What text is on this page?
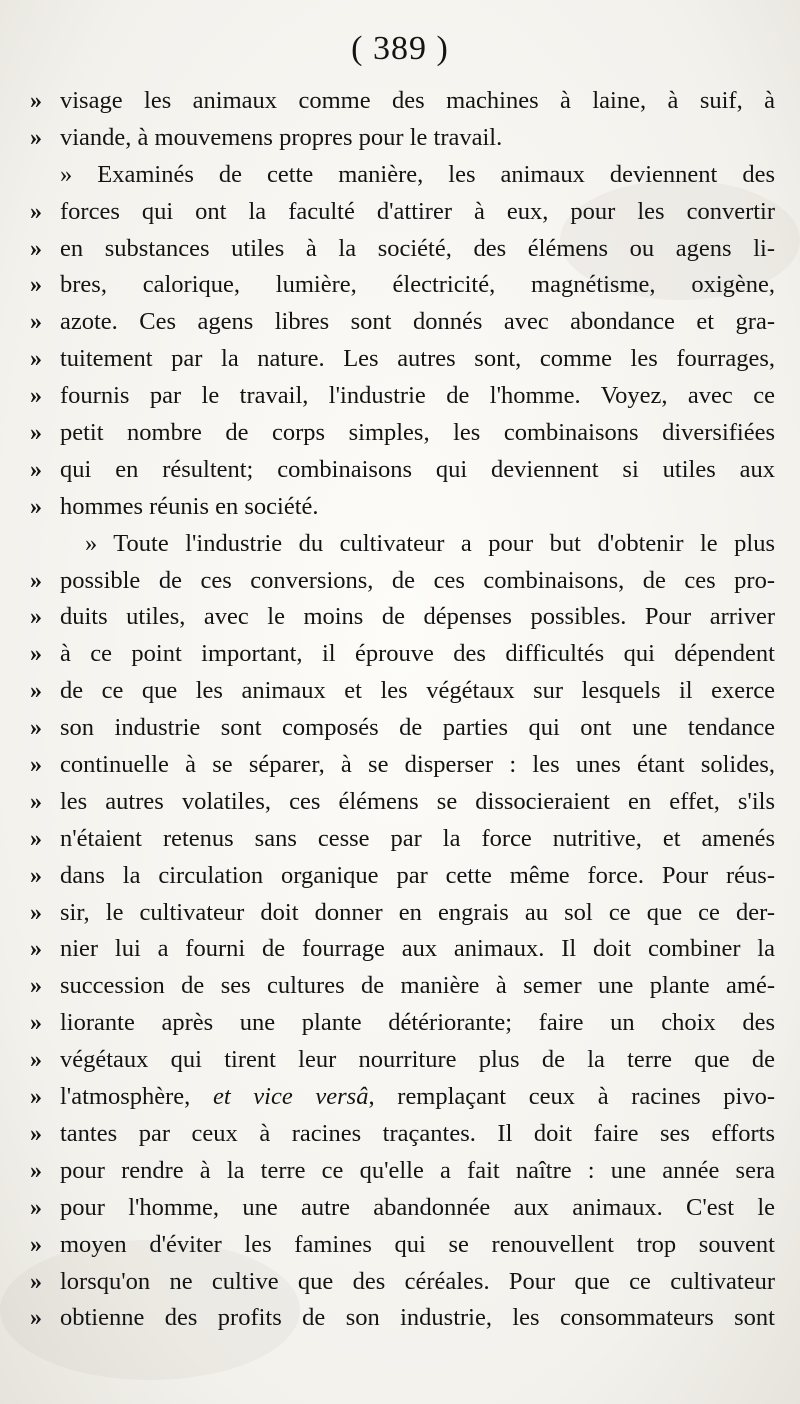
( 389 )
» visage les animaux comme des machines à laine, à suif, à
» viande, à mouvemens propres pour le travail.
» Examinés de cette manière, les animaux deviennent des
» forces qui ont la faculté d'attirer à eux, pour les convertir
» en substances utiles à la société, des élémens ou agens li-
» bres, calorique, lumière, électricité, magnétisme, oxigène,
» azote. Ces agens libres sont donnés avec abondance et gra-
» tuitement par la nature. Les autres sont, comme les fourrages,
» fournis par le travail, l'industrie de l'homme. Voyez, avec ce
» petit nombre de corps simples, les combinaisons diversifiées
» qui en résultent; combinaisons qui deviennent si utiles aux
» hommes réunis en société.
» Toute l'industrie du cultivateur a pour but d'obtenir le plus
» possible de ces conversions, de ces combinaisons, de ces pro-
» duits utiles, avec le moins de dépenses possibles. Pour arriver
» à ce point important, il éprouve des difficultés qui dépendent
» de ce que les animaux et les végétaux sur lesquels il exerce
» son industrie sont composés de parties qui ont une tendance
» continuelle à se séparer, à se disperser : les unes étant solides,
» les autres volatiles, ces élémens se dissocieraient en effet, s'ils
» n'étaient retenus sans cesse par la force nutritive, et amenés
» dans la circulation organique par cette même force. Pour réus-
» sir, le cultivateur doit donner en engrais au sol ce que ce der-
» nier lui a fourni de fourrage aux animaux. Il doit combiner la
» succession de ses cultures de manière à semer une plante amé-
» liorante après une plante détériorante; faire un choix des
» végétaux qui tirent leur nourriture plus de la terre que de
» l'atmosphère, et vice versâ, remplaçant ceux à racines pivo-
» tantes par ceux à racines traçantes. Il doit faire ses efforts
» pour rendre à la terre ce qu'elle a fait naître : une année sera
» pour l'homme, une autre abandonnée aux animaux. C'est le
» moyen d'éviter les famines qui se renouvellent trop souvent
» lorsqu'on ne cultive que des céréales. Pour que ce cultivateur
» obtienne des profits de son industrie, les consommateurs sont
